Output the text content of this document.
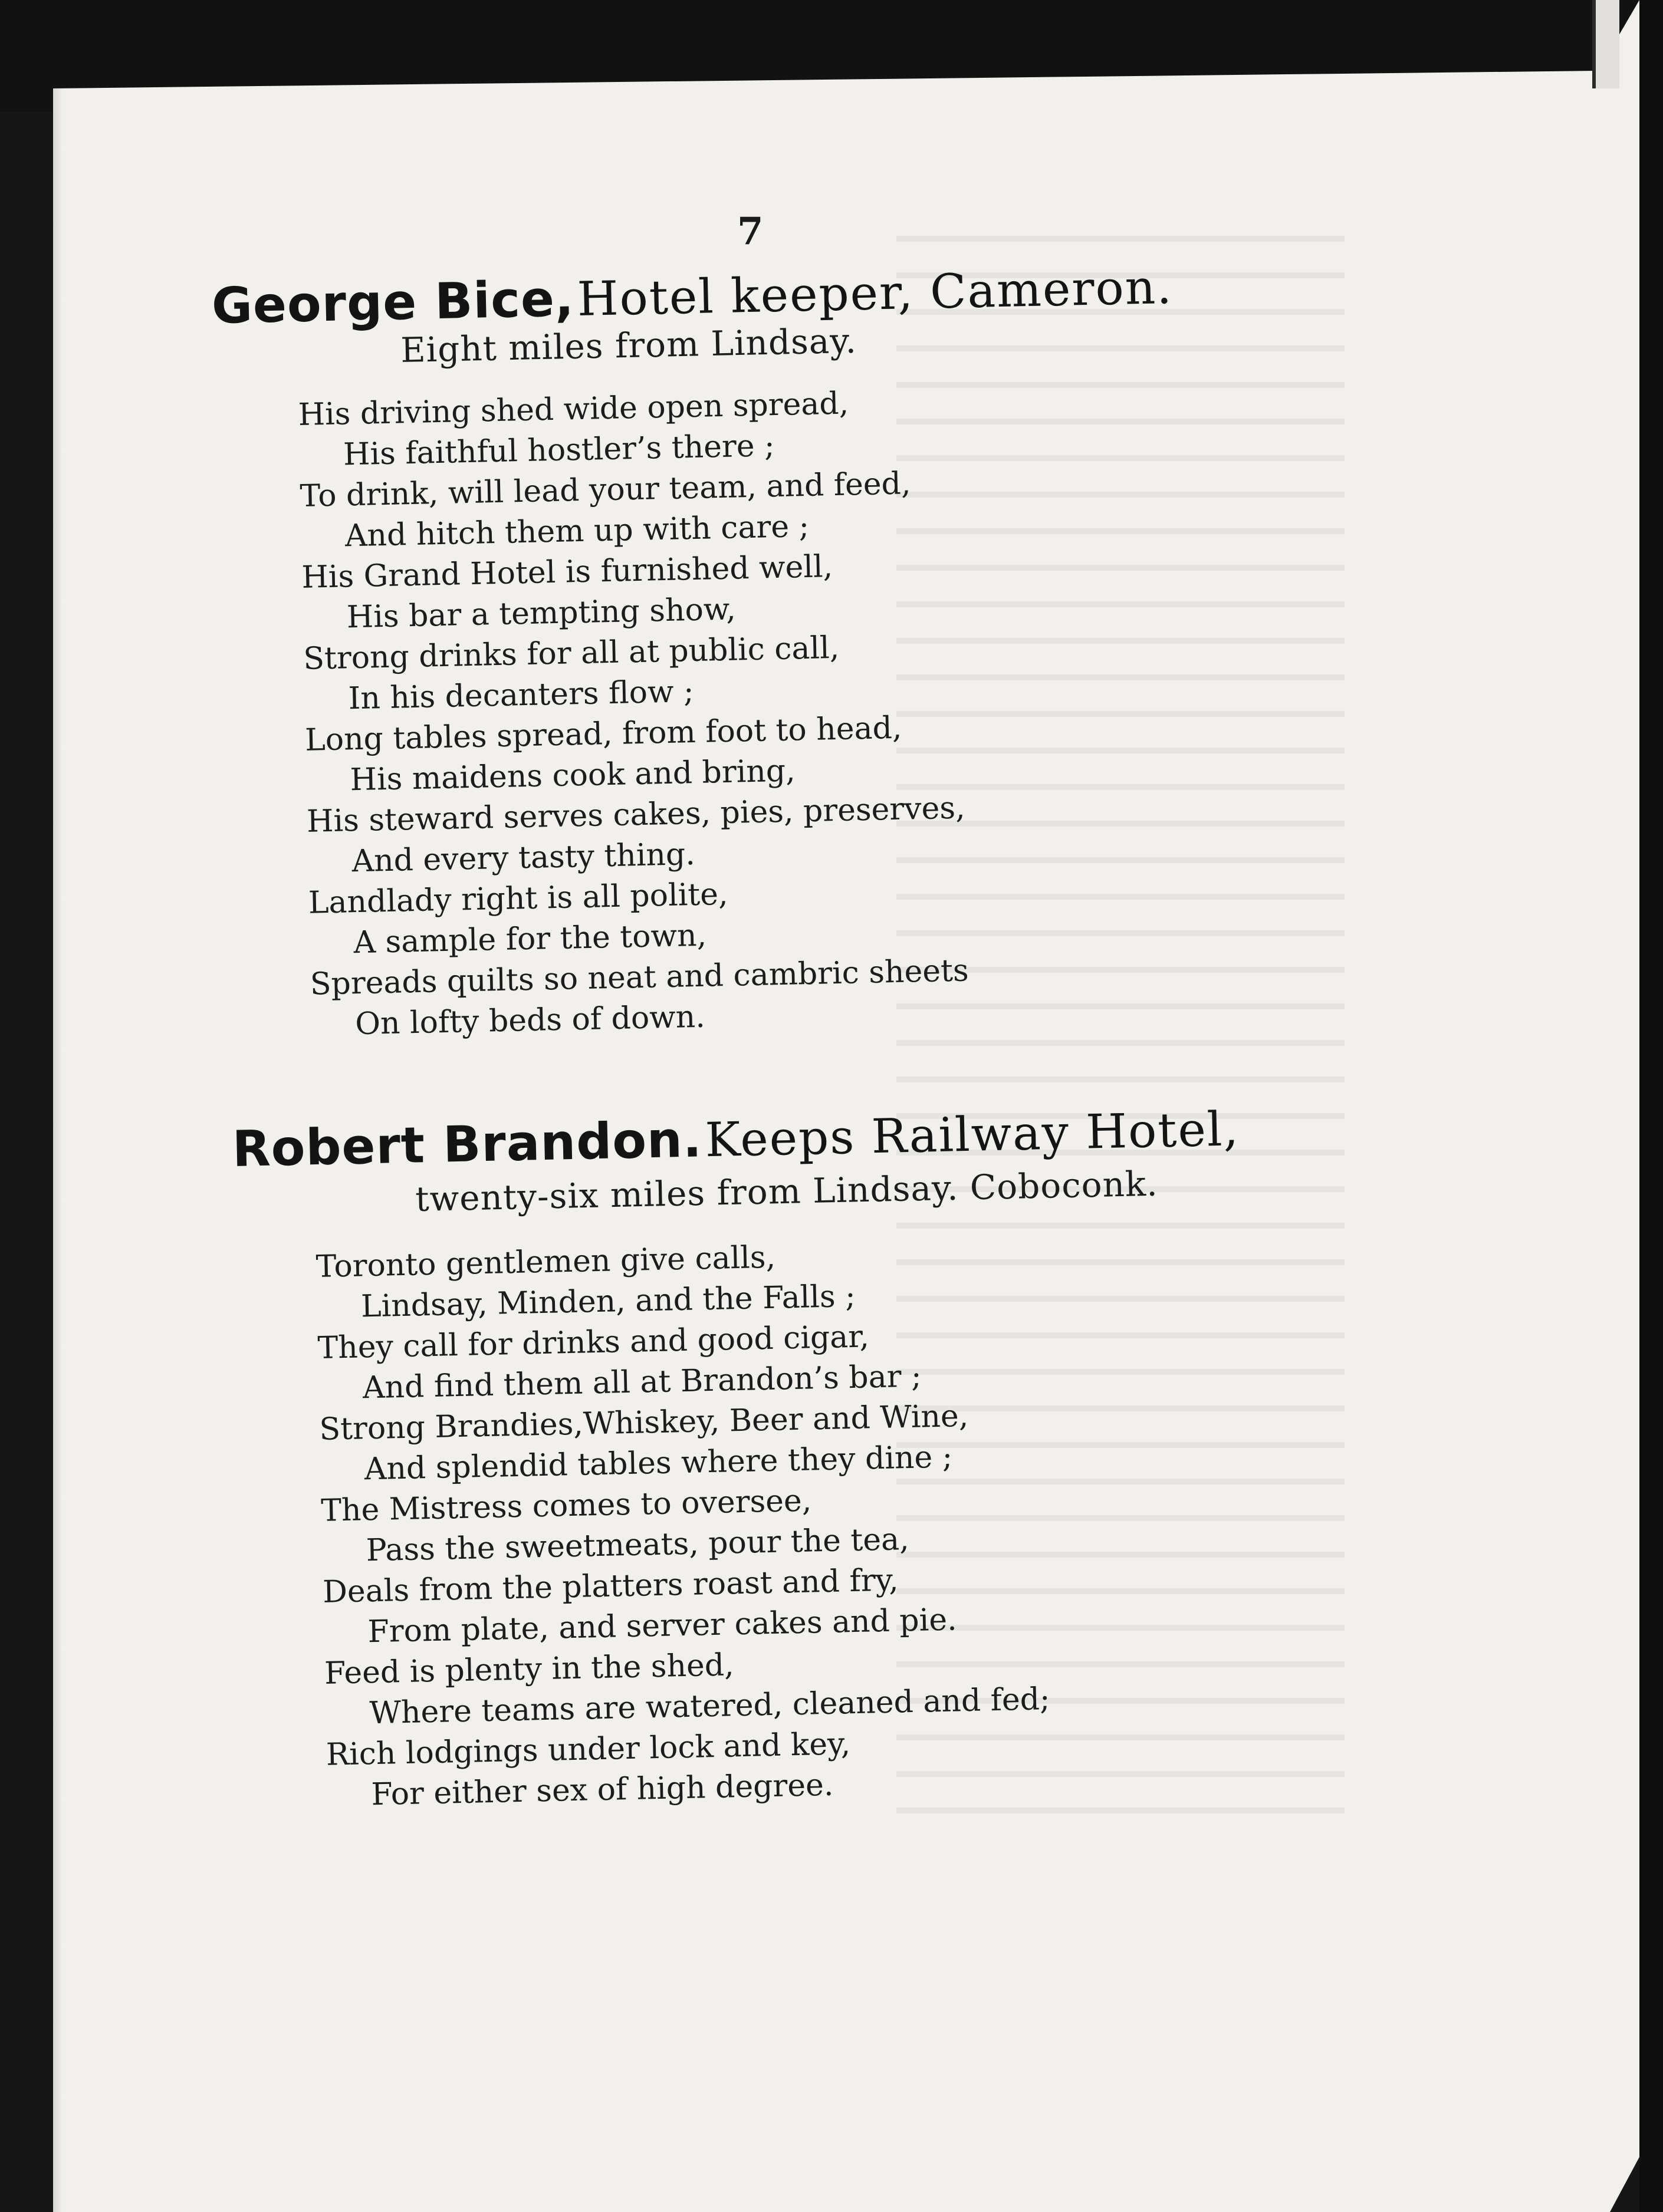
7
George Bice, Hotel keeper, Cameron.
Eight miles from Lindsay.
His driving shed wide open spread,
His faithful hostler’s there ;
To drink, will lead your team, and feed,
And hitch them up with care ;
His Grand Hotel is furnished well,
His bar a tempting show,
Strong drinks for all at public call,
In his decanters flow ;
Long tables spread, from foot to head,
His maidens cook and bring,
His steward serves cakes, pies, preserves,
And every tasty thing.
Landlady right is all polite,
A sample for the town,
Spreads quilts so neat and cambric sheets
On lofty beds of down.
Robert Brandon. Keeps Railway Hotel,
twenty-six miles from Lindsay. Coboconk.
Toronto gentlemen give calls,
Lindsay, Minden, and the Falls ;
They call for drinks and good cigar,
And find them all at Brandon’s bar ;
Strong Brandies,Whiskey, Beer and Wine,
And splendid tables where they dine ;
The Mistress comes to oversee,
Pass the sweetmeats, pour the tea,
Deals from the platters roast and fry,
From plate, and server cakes and pie.
Feed is plenty in the shed,
Where teams are watered, cleaned and fed;
Rich lodgings under lock and key,
For either sex of high degree.
